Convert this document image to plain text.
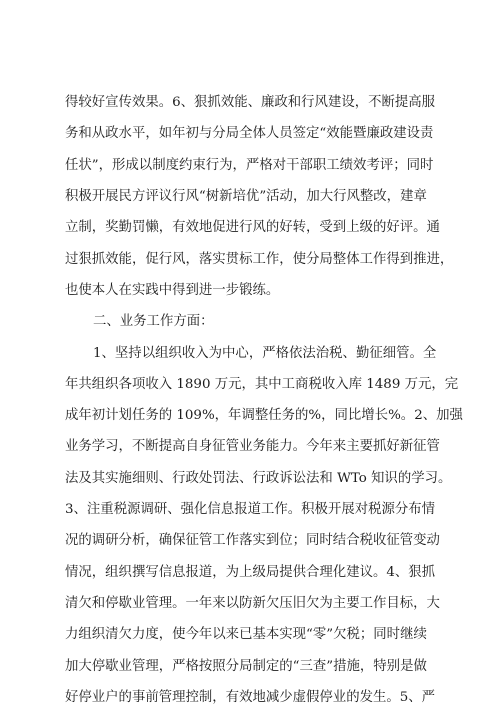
得较好宣传效果。6、狠抓效能、廉政和行风建设，不断提高服
务和从政水平，如年初与分局全体人员签定“效能暨廉政建设责
任状”，形成以制度约束行为，严格对干部职工绩效考评；同时
积极开展民方评议行风“树新培优”活动，加大行风整改，建章
立制，奖勤罚懒，有效地促进行风的好转，受到上级的好评。通
过狠抓效能，促行风，落实贯标工作，使分局整体工作得到推进，
也使本人在实践中得到进一步锻练。
二、业务工作方面：
1、坚持以组织收入为中心，严格依法治税、勤征细管。全
年共组织各项收入 1890 万元，其中工商税收入库 1489 万元，完
成年初计划任务的 109%，年调整任务的%，同比增长%。2、加强
业务学习，不断提高自身征管业务能力。今年来主要抓好新征管
法及其实施细则、行政处罚法、行政诉讼法和 WTo 知识的学习。
3、注重税源调研、强化信息报道工作。积极开展对税源分布情
况的调研分析，确保征管工作落实到位；同时结合税收征管变动
情况，组织撰写信息报道，为上级局提供合理化建议。4、狠抓
清欠和停歇业管理。一年来以防新欠压旧欠为主要工作目标，大
力组织清欠力度，使今年以来已基本实现“零”欠税；同时继续
加大停歇业管理，严格按照分局制定的“三查”措施，特别是做
好停业户的事前管理控制，有效地减少虚假停业的发生。5、严
